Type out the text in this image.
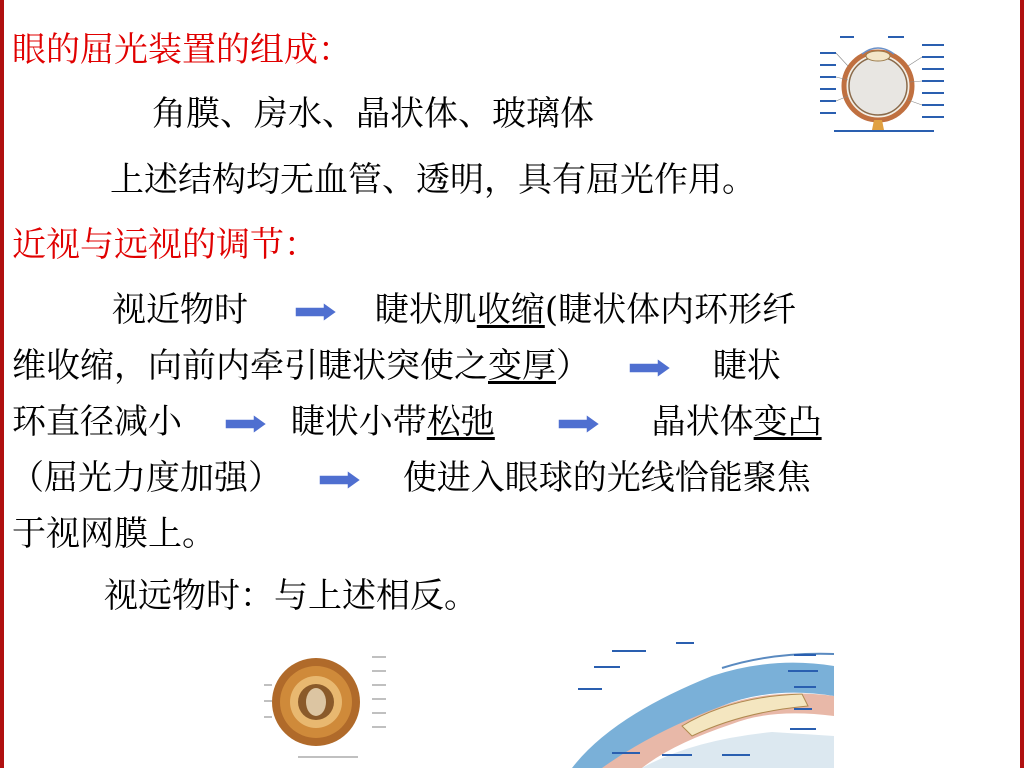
眼的屈光装置的组成：
角膜、房水、晶状体、玻璃体
上述结构均无血管、透明，具有屈光作用。
近视与远视的调节：
视近物时	睫状肌收缩(睫状体内环形纤
维收缩，向前内牵引睫状突使之变厚）	睫状
环直径减小	睫状小带松弛	晶状体变凸
（屈光力度加强）	使进入眼球的光线恰能聚焦
于视网膜上。
视远物时：与上述相反。
